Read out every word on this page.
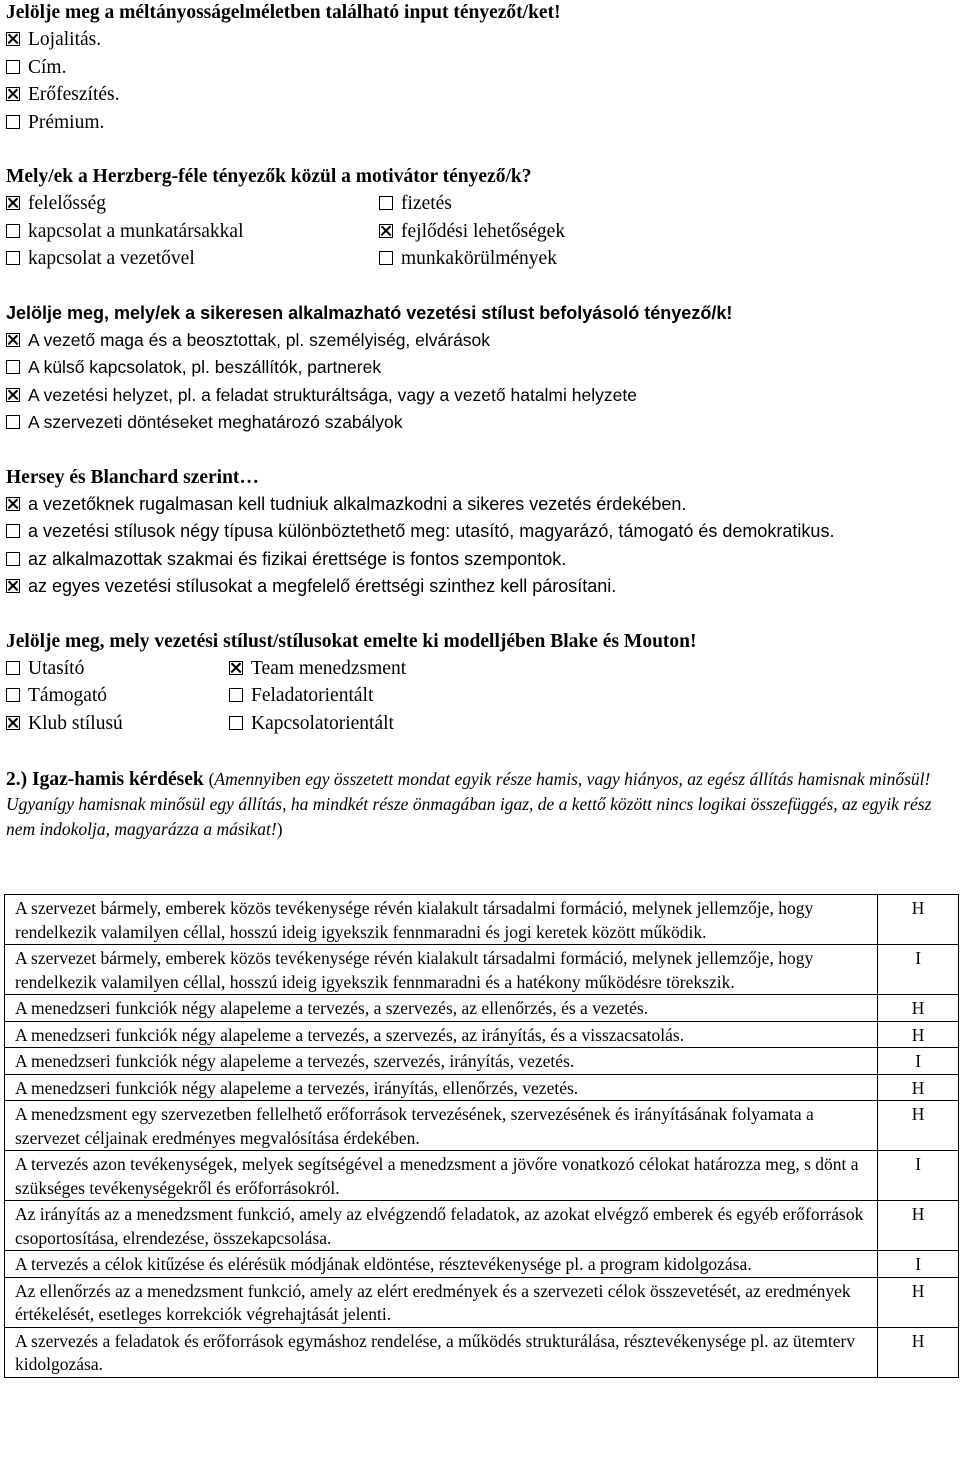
Jelölje meg a méltányosságelméletben található input tényezőt/ket!
Lojalitás.
Cím.
Erőfeszítés.
Prémium.
Mely/ek a Herzberg-féle tényezők közül a motivátor tényező/k?
felelősség	fizetés
kapcsolat a munkatársakkal	fejlődési lehetőségek
kapcsolat a vezetővel	munkakörülmények
Jelölje meg, mely/ek a sikeresen alkalmazható vezetési stílust befolyásoló tényező/k!
A vezető maga és a beosztottak, pl. személyiség, elvárások
A külső kapcsolatok, pl. beszállítók, partnerek
A vezetési helyzet, pl. a feladat strukturáltsága, vagy a vezető hatalmi helyzete
A szervezeti döntéseket meghatározó szabályok
Hersey és Blanchard szerint…
a vezetőknek rugalmasan kell tudniuk alkalmazkodni a sikeres vezetés érdekében.
a vezetési stílusok négy típusa különböztethető meg: utasító, magyarázó, támogató és demokratikus.
az alkalmazottak szakmai és fizikai érettsége is fontos szempontok.
az egyes vezetési stílusokat a megfelelő érettségi szinthez kell párosítani.
Jelölje meg, mely vezetési stílust/stílusokat emelte ki modelljében Blake és Mouton!
Utasító	Team menedzsment
Támogató	Feladatorientált
Klub stílusú	Kapcsolatorientált
2.) Igaz-hamis kérdések (Amennyiben egy összetett mondat egyik része hamis, vagy hiányos, az egész állítás hamisnak minősül! Ugyanígy hamisnak minősül egy állítás, ha mindkét része önmagában igaz, de a kettő között nincs logikai összefüggés, az egyik rész nem indokolja, magyarázza a másikat!)
A szervezet bármely, emberek közös tevékenysége révén kialakult társadalmi formáció, melynek jellemzője, hogy rendelkezik valamilyen céllal, hosszú ideig igyekszik fennmaradni és jogi keretek között működik.	H
A szervezet bármely, emberek közös tevékenysége révén kialakult társadalmi formáció, melynek jellemzője, hogy rendelkezik valamilyen céllal, hosszú ideig igyekszik fennmaradni és a hatékony működésre törekszik.	I
A menedzseri funkciók négy alapeleme a tervezés, a szervezés, az ellenőrzés, és a vezetés.	H
A menedzseri funkciók négy alapeleme a tervezés, a szervezés, az irányítás, és a visszacsatolás.	H
A menedzseri funkciók négy alapeleme a tervezés, szervezés, irányítás, vezetés.	I
A menedzseri funkciók négy alapeleme a tervezés, irányítás, ellenőrzés, vezetés.	H
A menedzsment egy szervezetben fellelhető erőforrások tervezésének, szervezésének és irányításának folyamata a szervezet céljainak eredményes megvalósítása érdekében.	H
A tervezés azon tevékenységek, melyek segítségével a menedzsment a jövőre vonatkozó célokat határozza meg, s dönt a szükséges tevékenységekről és erőforrásokról.	I
Az irányítás az a menedzsment funkció, amely az elvégzendő feladatok, az azokat elvégző emberek és egyéb erőforrások csoportosítása, elrendezése, összekapcsolása.	H
A tervezés a célok kitűzése és elérésük módjának eldöntése, résztevékenysége pl. a program kidolgozása.	I
Az ellenőrzés az a menedzsment funkció, amely az elért eredmények és a szervezeti célok összevetését, az eredmények értékelését, esetleges korrekciók végrehajtását jelenti.	H
A szervezés a feladatok és erőforrások egymáshoz rendelése, a működés strukturálása, résztevékenysége pl. az ütemterv kidolgozása.	H
